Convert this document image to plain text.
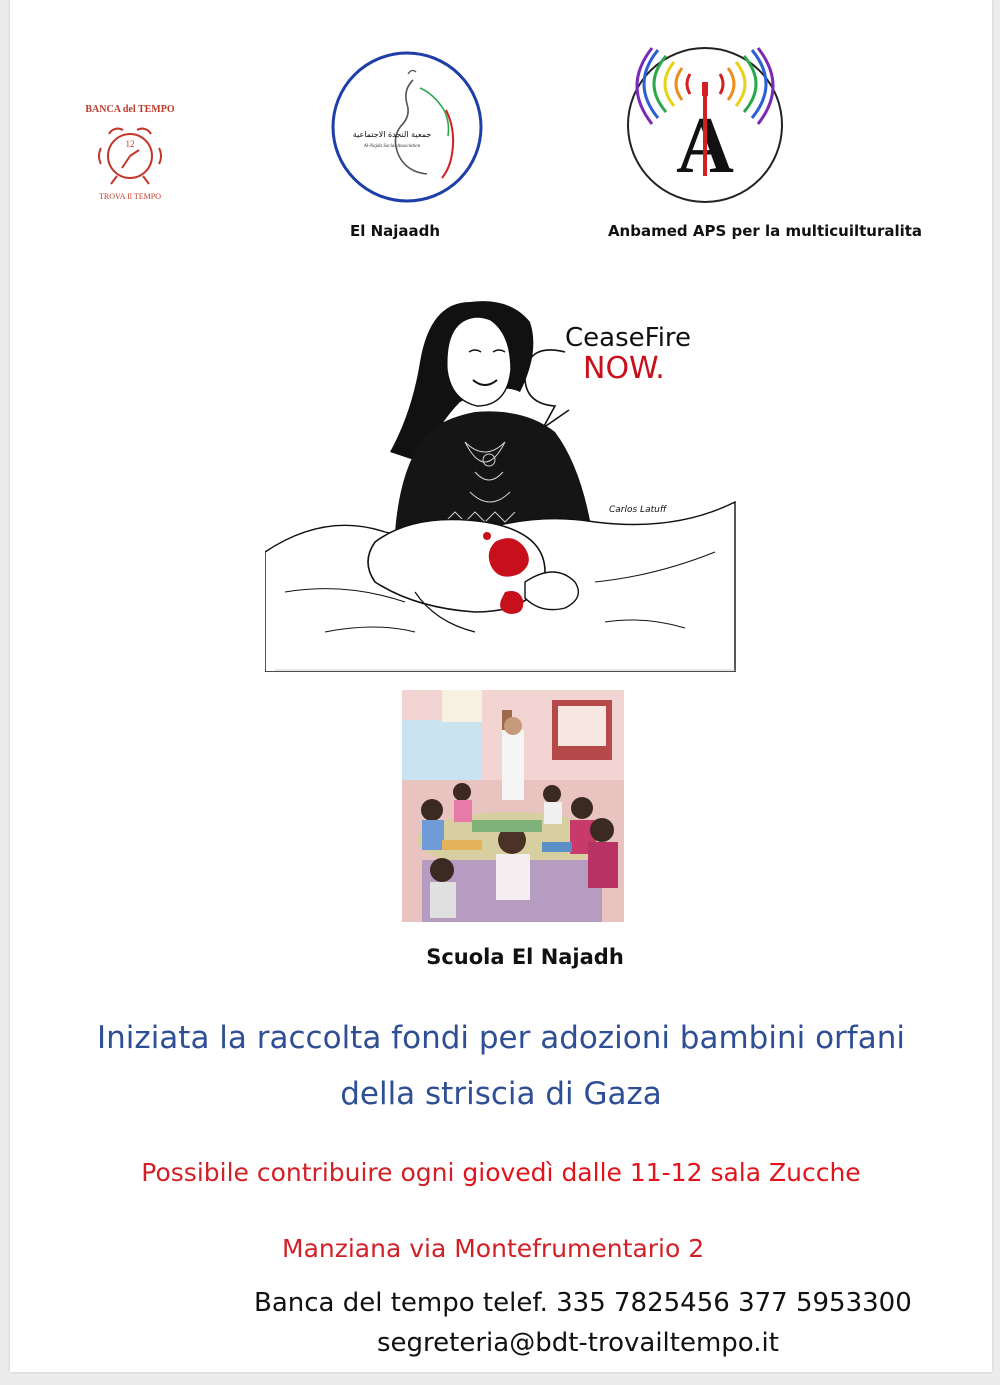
BANCA del TEMPO
12
TROVA Il TEMPO
جمعية النجدة الاجتماعية
Al-Najda Social Association
El Najaadh
A
Anbamed APS per la multicuilturalita
CeaseFire
NOW.
Carlos Latuff
Scuola El Najadh
Iniziata la raccolta fondi per adozioni bambini orfani
della striscia di Gaza
Possibile contribuire ogni giovedì dalle 11-12 sala Zucche
Manziana via Montefrumentario 2
Banca del tempo telef. 335 7825456 377 5953300
segreteria@bdt-trovailtempo.it
